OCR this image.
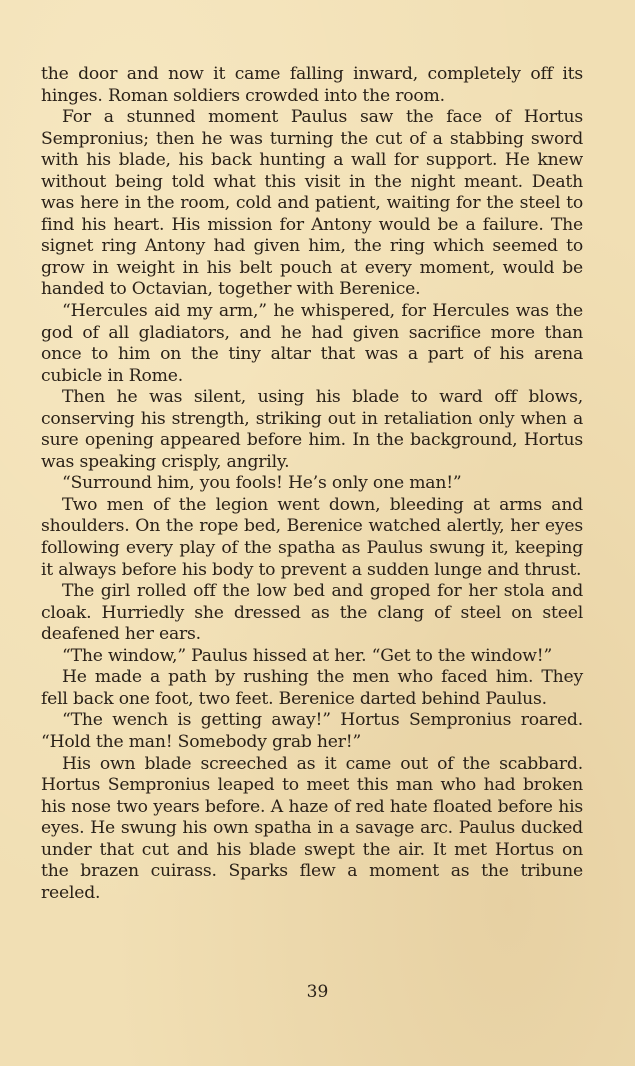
the door and now it came falling inward, completely off its hinges. Roman soldiers crowded into the room.

For a stunned moment Paulus saw the face of Hortus Sempronius; then he was turning the cut of a stabbing sword with his blade, his back hunting a wall for support. He knew without being told what this visit in the night meant. Death was here in the room, cold and patient, waiting for the steel to find his heart. His mission for Antony would be a failure. The signet ring Antony had given him, the ring which seemed to grow in weight in his belt pouch at every moment, would be handed to Octavian, together with Berenice.

“Hercules aid my arm,” he whispered, for Hercules was the god of all gladiators, and he had given sacrifice more than once to him on the tiny altar that was a part of his arena cubicle in Rome.

Then he was silent, using his blade to ward off blows, conserving his strength, striking out in retaliation only when a sure opening appeared before him. In the background, Hortus was speaking crisply, angrily.

“Surround him, you fools! He’s only one man!”

Two men of the legion went down, bleeding at arms and shoulders. On the rope bed, Berenice watched alertly, her eyes following every play of the spatha as Paulus swung it, keeping it always before his body to prevent a sudden lunge and thrust.

The girl rolled off the low bed and groped for her stola and cloak. Hurriedly she dressed as the clang of steel on steel deafened her ears.

“The window,” Paulus hissed at her. “Get to the window!”

He made a path by rushing the men who faced him. They fell back one foot, two feet. Berenice darted behind Paulus.

“The wench is getting away!” Hortus Sempronius roared. “Hold the man! Somebody grab her!”

His own blade screeched as it came out of the scabbard. Hortus Sempronius leaped to meet this man who had broken his nose two years before. A haze of red hate floated before his eyes. He swung his own spatha in a savage arc. Paulus ducked under that cut and his blade swept the air. It met Hortus on the brazen cuirass. Sparks flew a moment as the tribune reeled.

39
